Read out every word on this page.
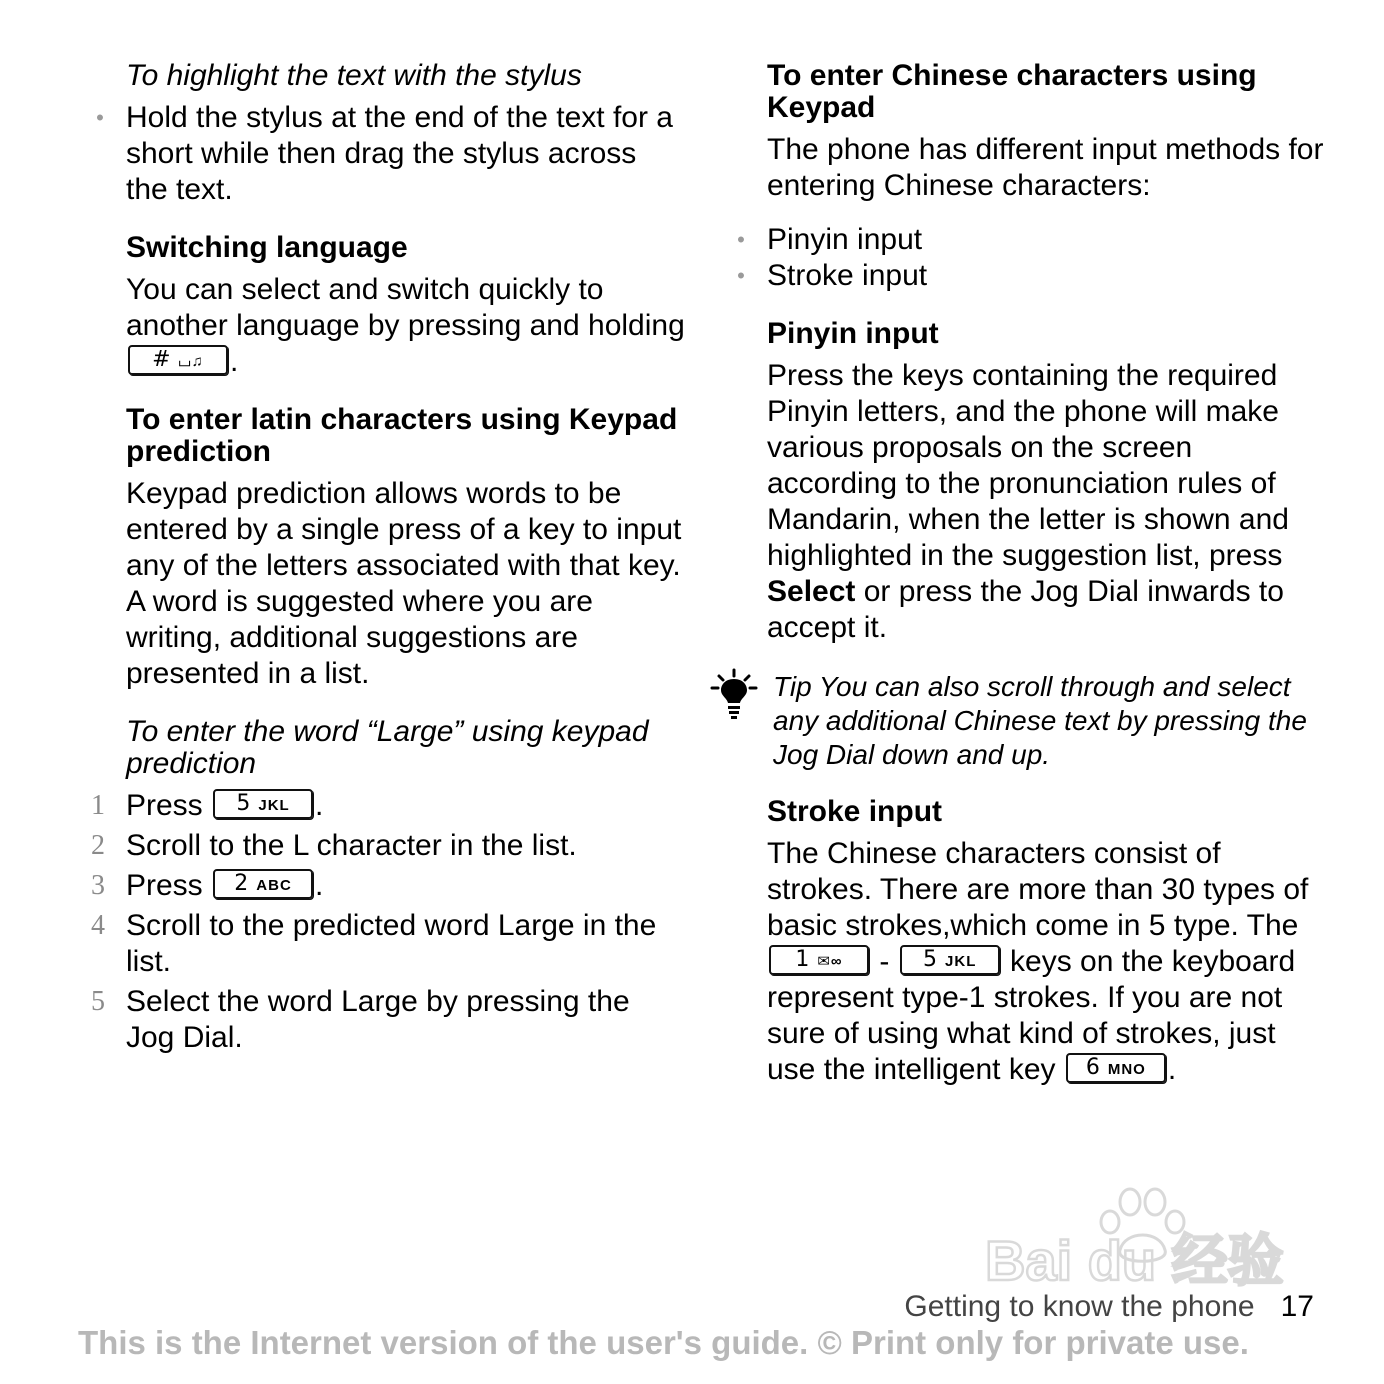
To highlight the text with the stylus
• Hold the stylus at the end of the text for a short while then drag the stylus across the text.
Switching language

You can select and switch quickly to another language by pressing and holding # ⌴♫ .

To enter latin characters using Keypad prediction

Keypad prediction allows words to be entered by a single press of a key to input any of the letters associated with that key. A word is suggested where you are writing, additional suggestions are presented in a list.

To enter the word “Large” using keypad prediction
1 Press 5 JKL .
2 Scroll to the L character in the list.
3 Press 2 ABC .
4 Scroll to the predicted word Large in the list.
5 Select the word Large by pressing the Jog Dial.
To enter Chinese characters using Keypad

The phone has different input methods for entering Chinese characters:

• Pinyin input
• Stroke input
Pinyin input

Press the keys containing the required Pinyin letters, and the phone will make various proposals on the screen according to the pronunciation rules of Mandarin, when the letter is shown and highlighted in the suggestion list, press Select or press the Jog Dial inwards to accept it.

Tip You can also scroll through and select any additional Chinese text by pressing the Jog Dial down and up.
Stroke input

The Chinese characters consist of strokes. There are more than 30 types of basic strokes,which come in 5 type. The 1 ✉∞ - 5 JKL keys on the keyboard represent type-1 strokes. If you are not sure of using what kind of strokes, just use the intelligent key 6 MNO .

Bai du 经验
Getting to know the phone 17
This is the Internet version of the user's guide. © Print only for private use.
